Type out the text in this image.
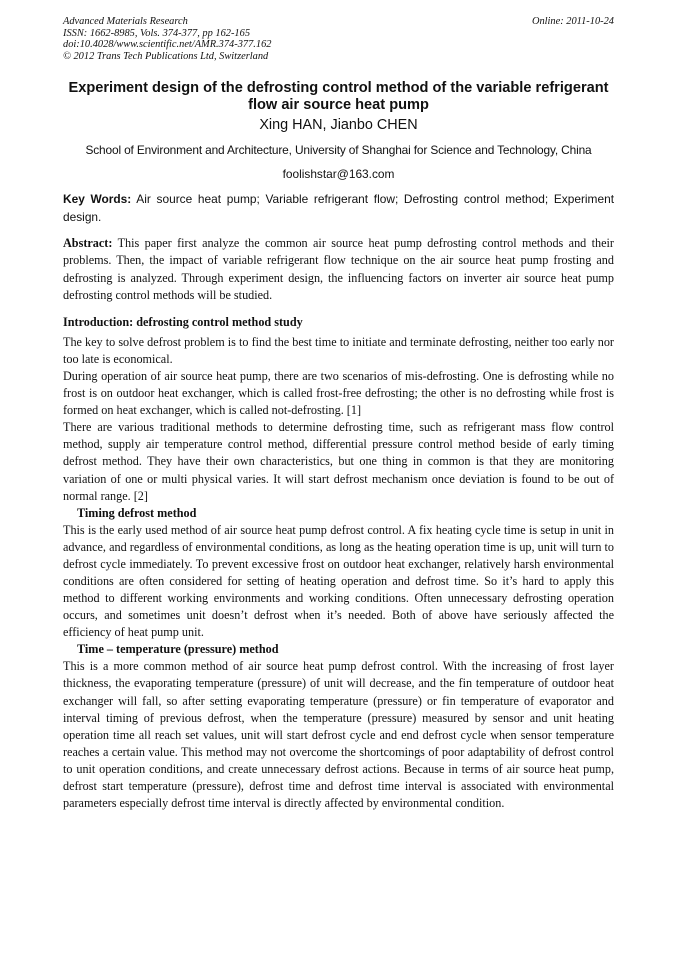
Advanced Materials Research
ISSN: 1662-8985, Vols. 374-377, pp 162-165
doi:10.4028/www.scientific.net/AMR.374-377.162
© 2012 Trans Tech Publications Ltd, Switzerland
Online: 2011-10-24
Experiment design of the defrosting control method of the variable refrigerant flow air source heat pump
Xing HAN, Jianbo CHEN
School of Environment and Architecture, University of Shanghai for Science and Technology, China
foolishstar@163.com
Key Words: Air source heat pump; Variable refrigerant flow; Defrosting control method; Experiment design.

Abstract: This paper first analyze the common air source heat pump defrosting control methods and their problems. Then, the impact of variable refrigerant flow technique on the air source heat pump frosting and defrosting is analyzed. Through experiment design, the influencing factors on inverter air source heat pump defrosting control methods will be studied.

Introduction: defrosting control method study

The key to solve defrost problem is to find the best time to initiate and terminate defrosting, neither too early nor too late is economical.

During operation of air source heat pump, there are two scenarios of mis-defrosting. One is defrosting while no frost is on outdoor heat exchanger, which is called frost-free defrosting; the other is no defrosting while frost is formed on heat exchanger, which is called not-defrosting. [1]

There are various traditional methods to determine defrosting time, such as refrigerant mass flow control method, supply air temperature control method, differential pressure control method beside of early timing defrost method. They have their own characteristics, but one thing in common is that they are monitoring variation of one or multi physical varies. It will start defrost mechanism once deviation is found to be out of normal range. [2]

Timing defrost method

This is the early used method of air source heat pump defrost control. A fix heating cycle time is setup in unit in advance, and regardless of environmental conditions, as long as the heating operation time is up, unit will turn to defrost cycle immediately. To prevent excessive frost on outdoor heat exchanger, relatively harsh environmental conditions are often considered for setting of heating operation and defrost time. So it’s hard to apply this method to different working environments and working conditions. Often unnecessary defrosting operation occurs, and sometimes unit doesn’t defrost when it’s needed. Both of above have seriously affected the efficiency of heat pump unit.

Time – temperature (pressure) method

This is a more common method of air source heat pump defrost control. With the increasing of frost layer thickness, the evaporating temperature (pressure) of unit will decrease, and the fin temperature of outdoor heat exchanger will fall, so after setting evaporating temperature (pressure) or fin temperature of evaporator and interval timing of previous defrost, when the temperature (pressure) measured by sensor and unit heating operation time all reach set values, unit will start defrost cycle and end defrost cycle when sensor temperature reaches a certain value. This method may not overcome the shortcomings of poor adaptability of defrost control to unit operation conditions, and create unnecessary defrost actions. Because in terms of air source heat pump, defrost start temperature (pressure), defrost time and defrost time interval is associated with environmental parameters especially defrost time interval is directly affected by environmental condition.
